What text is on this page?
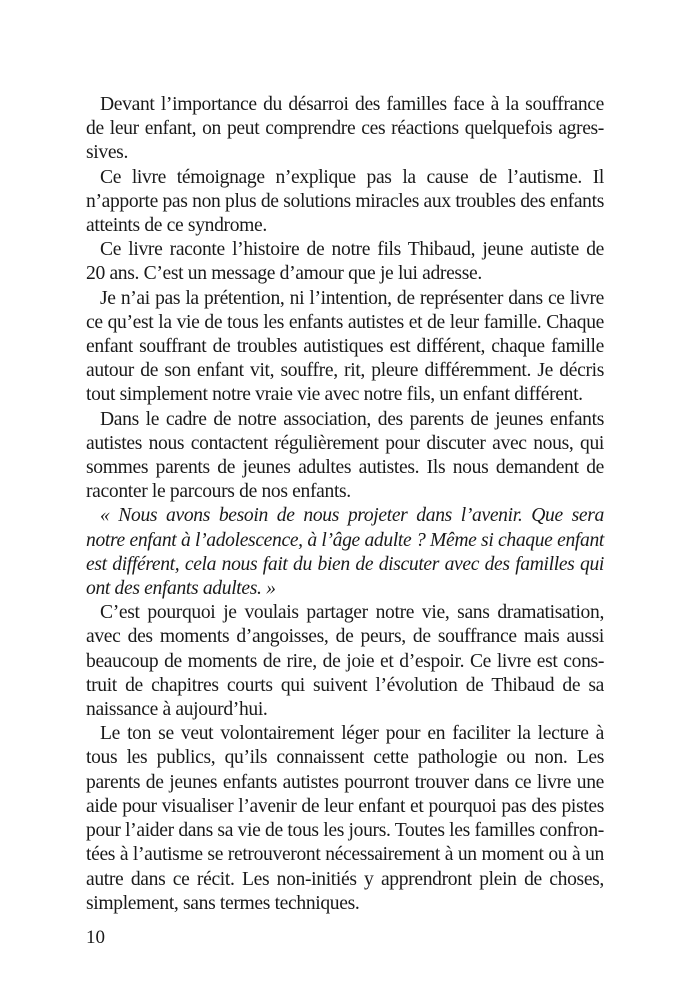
Devant l’importance du désarroi des familles face à la souffrance
de leur enfant, on peut comprendre ces réactions quelquefois agres-
sives.

Ce livre témoignage n’explique pas la cause de l’autisme. Il
n’apporte pas non plus de solutions miracles aux troubles des enfants
atteints de ce syndrome.

Ce livre raconte l’histoire de notre fils Thibaud, jeune autiste de
20 ans. C’est un message d’amour que je lui adresse.

Je n’ai pas la prétention, ni l’intention, de représenter dans ce livre
ce qu’est la vie de tous les enfants autistes et de leur famille. Chaque
enfant souffrant de troubles autistiques est différent, chaque famille
autour de son enfant vit, souffre, rit, pleure différemment. Je décris
tout simplement notre vraie vie avec notre fils, un enfant différent.

Dans le cadre de notre association, des parents de jeunes enfants
autistes nous contactent régulièrement pour discuter avec nous, qui
sommes parents de jeunes adultes autistes. Ils nous demandent de
raconter le parcours de nos enfants.

« Nous avons besoin de nous projeter dans l’avenir. Que sera
notre enfant à l’adolescence, à l’âge adulte ? Même si chaque enfant
est différent, cela nous fait du bien de discuter avec des familles qui
ont des enfants adultes. »

C’est pourquoi je voulais partager notre vie, sans dramatisation,
avec des moments d’angoisses, de peurs, de souffrance mais aussi
beaucoup de moments de rire, de joie et d’espoir. Ce livre est cons-
truit de chapitres courts qui suivent l’évolution de Thibaud de sa
naissance à aujourd’hui.

Le ton se veut volontairement léger pour en faciliter la lecture à
tous les publics, qu’ils connaissent cette pathologie ou non. Les
parents de jeunes enfants autistes pourront trouver dans ce livre une
aide pour visualiser l’avenir de leur enfant et pourquoi pas des pistes
pour l’aider dans sa vie de tous les jours. Toutes les familles confron-
tées à l’autisme se retrouveront nécessairement à un moment ou à un
autre dans ce récit. Les non-initiés y apprendront plein de choses,
simplement, sans termes techniques.

10
